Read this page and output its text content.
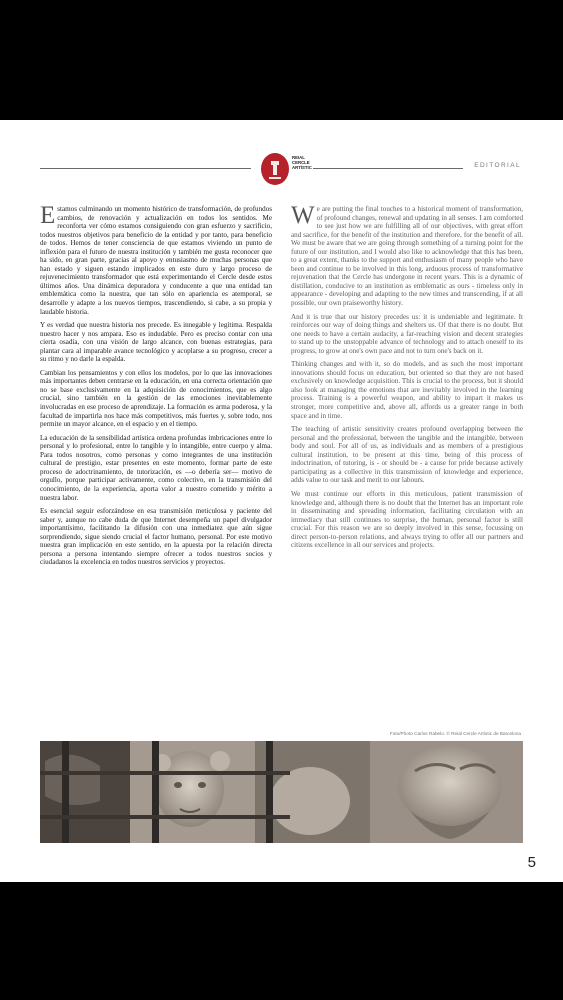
REIAL
CERCLE
ARTÍSTIC	EDITORIAL

Estamos culminando un momento histórico de transformación, de profundos cambios, de renovación y actualización en todos los sentidos. Me reconforta ver cómo estamos consiguiendo con gran esfuerzo y sacrificio, todos nuestros objetivos para beneficio de la entidad y por tanto, para beneficio de todos. Hemos de tener consciencia de que estamos viviendo un punto de inflexión para el futuro de nuestra institución y también me gusta reconocer que ha sido, en gran parte, gracias al apoyo y entusiasmo de muchas personas que han estado y siguen estando implicados en este duro y largo proceso de rejuvenecimiento transformador que está experimentando el Cercle desde estos últimos años. Una dinámica depuradora y conducente a que una entidad tan emblemática como la nuestra, que tan sólo en apariencia es atemporal, se desarrolle y adapte a los nuevos tiempos, trascendiendo, si cabe, a su propia y laudable historia.

Y es verdad que nuestra historia nos precede. Es innegable y legítima. Respalda nuestro hacer y nos ampara. Eso es indudable. Pero es preciso contar con una cierta osadía, con una visión de largo alcance, con buenas estrategias, para plantar cara al imparable avance tecnológico y acoplarse a su progreso, crecer a su ritmo y no darle la espalda.

Cambian los pensamientos y con ellos los modelos, por lo que las innovaciones más importantes deben centrarse en la educación, en una correcta orientación que no se base exclusivamente en la adquisición de conocimientos, que es algo crucial, sino también en la gestión de las emociones inevitablemente involucradas en ese proceso de aprendizaje. La formación es arma poderosa, y la facultad de impartirla nos hace más competitivos, más fuertes y, sobre todo, nos permite un mayor alcance, en el espacio y en el tiempo.

La educación de la sensibilidad artística ordena profundas imbricaciones entre lo personal y lo profesional, entre lo tangible y lo intangible, entre cuerpo y alma. Para todos nosotros, como personas y como integrantes de una institución cultural de prestigio, estar presentes en este momento, formar parte de este proceso de adoctrinamiento, de tutorización, es —o debería ser— motivo de orgullo, porque participar activamente, como colectivo, en la transmisión del conocimiento, de la experiencia, aporta valor a nuestro cometido y mérito a nuestra labor.

Es esencial seguir esforzándose en esa transmisión meticulosa y paciente del saber y, aunque no cabe duda de que Internet desempeña un papel divulgador importantísimo, facilitando la difusión con una inmediatez que aún sigue sorprendiendo, sigue siendo crucial el factor humano, personal. Por este motivo nuestra gran implicación en este sentido, en la apuesta por la relación directa persona a persona intentando siempre ofrecer a todos nuestros socios y ciudadanos la excelencia en todos nuestros servicios y proyectos.

We are putting the final touches to a historical moment of transformation, of profound changes, renewal and updating in all senses. I am comforted to see just how we are fulfilling all of our objectives, with great effort and sacrifice, for the benefit of the institution and therefore, for the benefit of all. We must be aware that we are going through something of a turning point for the future of our institution, and I would also like to acknowledge that this has been, to a great extent, thanks to the support and enthusiasm of many people who have been and continue to be involved in this long, arduous process of transformative rejuvenation that the Cercle has undergone in recent years. This is a dynamic of distillation, conducive to an institution as emblematic as ours - timeless only in appearance - developing and adapting to the new times and transcending, if at all possible, our own praiseworthy history.

And it is true that our history precedes us: it is undeniable and legitimate. It reinforces our way of doing things and shelters us. Of that there is no doubt. But one needs to have a certain audacity, a far-reaching vision and decent strategies to stand up to the unstoppable advance of technology and to attach oneself to its progress, to grow at one's own pace and not to turn one's back on it.

Thinking changes and with it, so do models, and as such the most important innovations should focus on education, but oriented so that they are not based exclusively on knowledge acquisition. This is crucial to the process, but it should also look at managing the emotions that are inevitably involved in the learning process. Training is a powerful weapon, and ability to impart it makes us stronger, more competitive and, above all, affords us a greater range in both space and in time.

The teaching of artistic sensitivity creates profound overlapping between the personal and the professional, between the tangible and the intangible, between body and soul. For all of us, as individuals and as members of a prestigious cultural institution, to be present at this time, being of this process of indoctrination, of tutoring, is - or should be - a cause for pride because actively participating as a collective in this transmission of knowledge and experience, adds value to our task and merit to our labours.

We must continue our efforts in this meticulous, patient transmission of knowledge and, although there is no doubt that the Internet has an important role in disseminating and spreading information, facilitating circulation with an immediacy that still continues to surprise, the human, personal factor is still crucial. For this reason we are so deeply involved in this sense, focussing on direct person-to-person relations, and always trying to offer all our partners and citizens excellence in all our services and projects.

Foto/Photo Carlos Rabelo. © Reial Cercle Artístic de Barcelona
5
